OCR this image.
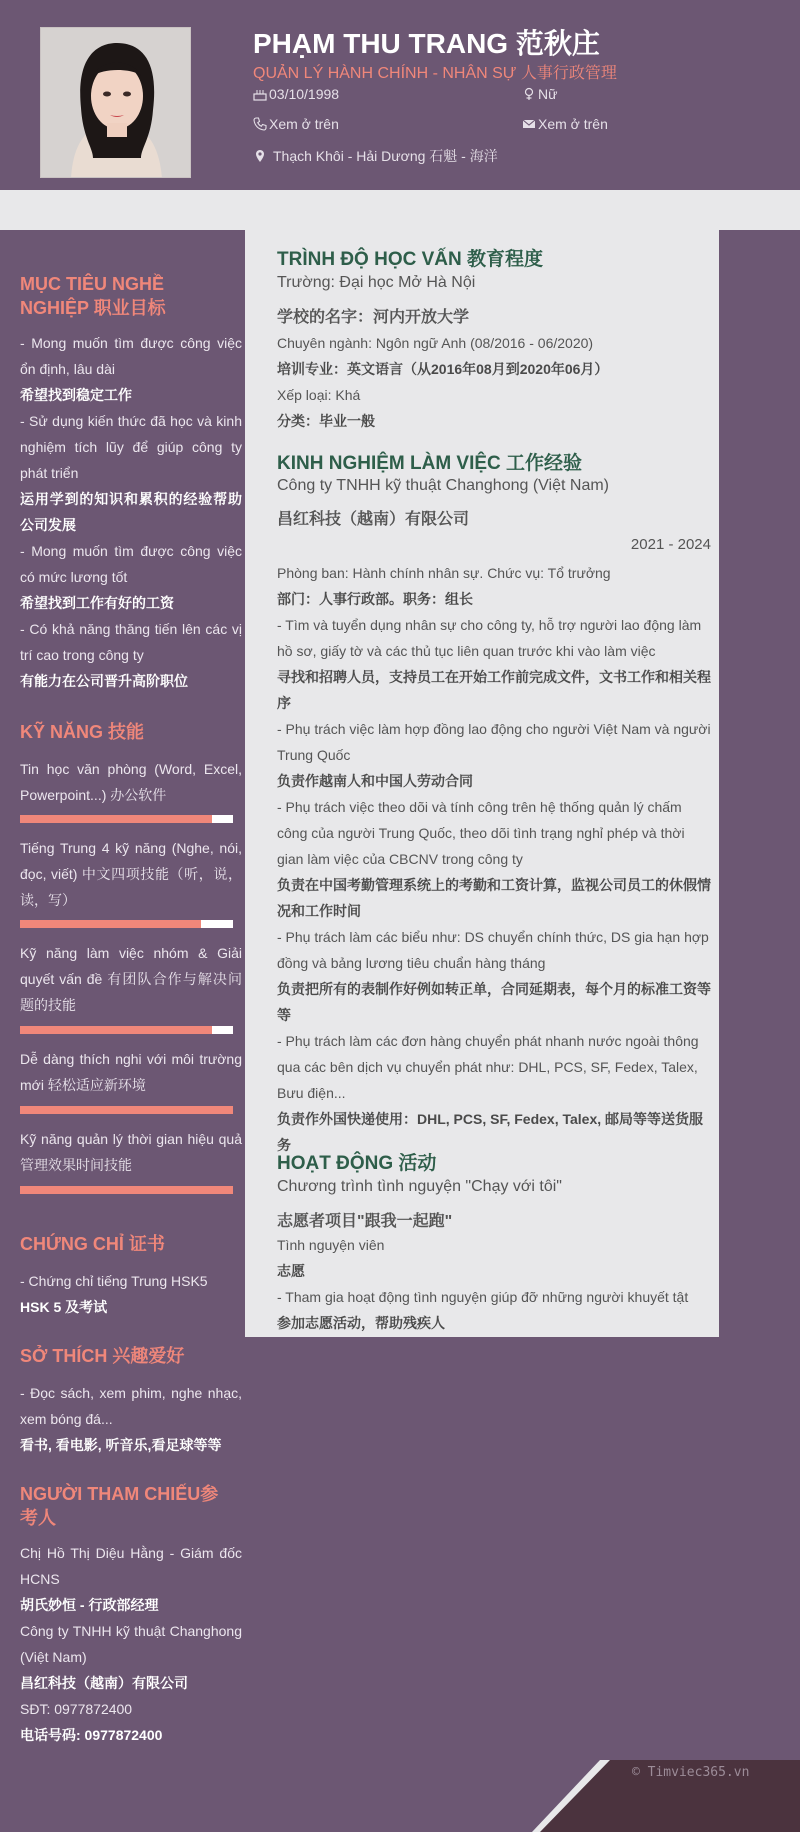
PHẠM THU TRANG 范秋庄
QUẢN LÝ HÀNH CHÍNH - NHÂN SỰ 人事行政管理
03/10/1998	Nữ
Xem ở trên	Xem ở trên
Thạch Khôi - Hải Dương 石魁 - 海洋
MỤC TIÊU NGHỀ NGHIỆP 职业目标
- Mong muốn tìm được công việc ổn định, lâu dài
希望找到稳定工作
- Sử dụng kiến thức đã học và kinh nghiệm tích lũy để giúp công ty phát triển
运用学到的知识和累积的经验帮助公司发展
- Mong muốn tìm được công việc có mức lương tốt
希望找到工作有好的工资
- Có khả năng thăng tiến lên các vị trí cao trong công ty
有能力在公司晋升高阶职位
KỸ NĂNG 技能
Tin học văn phòng (Word, Excel, Powerpoint...) 办公软件
Tiếng Trung 4 kỹ năng (Nghe, nói, đọc, viết) 中文四项技能（听，说，读，写）
Kỹ năng làm việc nhóm & Giải quyết vấn đề 有团队合作与解决问题的技能
Dễ dàng thích nghi với môi trường mới 轻松适应新环境
Kỹ năng quản lý thời gian hiệu quả 管理效果时间技能
CHỨNG CHỈ 证书
- Chứng chỉ tiếng Trung HSK5
HSK 5 及考试
SỞ THÍCH 兴趣爱好
- Đọc sách, xem phim, nghe nhạc, xem bóng đá...
看书, 看电影, 听音乐,看足球等等
NGƯỜI THAM CHIẾU参考人
Chị Hồ Thị Diệu Hằng - Giám đốc HCNS
胡氏妙恒 - 行政部经理
Công ty TNHH kỹ thuật Changhong (Việt Nam)
昌红科技（越南）有限公司
SĐT: 0977872400
电话号码: 0977872400
TRÌNH ĐỘ HỌC VẤN 教育程度
Trường: Đại học Mở Hà Nội
学校的名字：河内开放大学
Chuyên ngành: Ngôn ngữ Anh (08/2016 - 06/2020)
培训专业：英文语言（从2016年08月到2020年06月）
Xếp loại: Khá
分类：毕业一般
KINH NGHIỆM LÀM VIỆC 工作经验
Công ty TNHH kỹ thuật Changhong (Việt Nam)
昌红科技（越南）有限公司
2021 - 2024
Phòng ban: Hành chính nhân sự. Chức vụ: Tổ trưởng
部门：人事行政部。职务：组长
- Tìm và tuyển dụng nhân sự cho công ty, hỗ trợ người lao động làm hồ sơ, giấy tờ và các thủ tục liên quan trước khi vào làm việc
寻找和招聘人员，支持员工在开始工作前完成文件，文书工作和相关程序
- Phụ trách việc làm hợp đồng lao động cho người Việt Nam và người Trung Quốc
负责作越南人和中国人劳动合同
- Phụ trách việc theo dõi và tính công trên hệ thống quản lý chấm công của người Trung Quốc, theo dõi tình trạng nghỉ phép và thời gian làm việc của CBCNV trong công ty
负责在中国考勤管理系统上的考勤和工资计算，监视公司员工的休假情况和工作时间
- Phụ trách làm các biểu như: DS chuyển chính thức, DS gia hạn hợp đồng và bảng lương tiêu chuẩn hàng tháng
负责把所有的表制作好例如转正单，合同延期表，每个月的标准工资等等
- Phụ trách làm các đơn hàng chuyển phát nhanh nước ngoài thông qua các bên dịch vụ chuyển phát như: DHL, PCS, SF, Fedex, Talex, Bưu điện...
负责作外国快递使用：DHL, PCS, SF, Fedex, Talex, 邮局等等送货服务
HOẠT ĐỘNG 活动
Chương trình tình nguyện "Chạy với tôi"
志愿者项目"跟我一起跑"
Tình nguyện viên
志愿
- Tham gia hoạt động tình nguyện giúp đỡ những người khuyết tật
参加志愿活动，帮助残疾人
© Timviec365.vn
